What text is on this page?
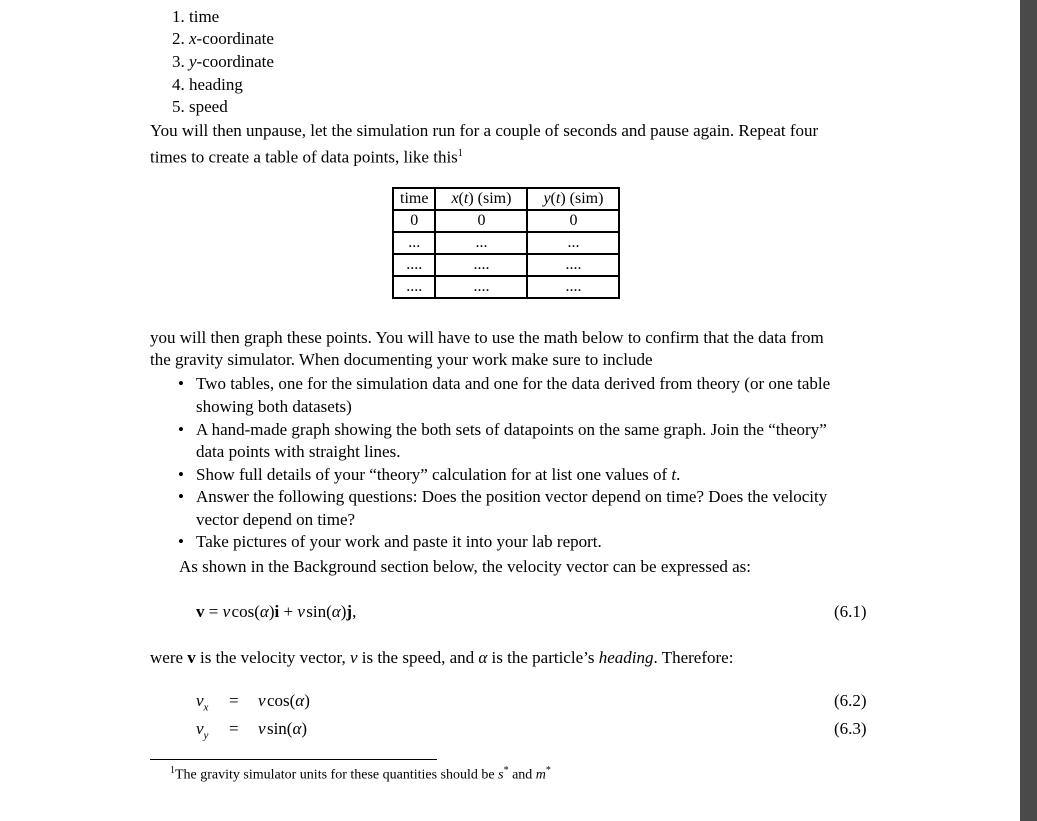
1. time
2. x-coordinate
3. y-coordinate
4. heading
5. speed
You will then unpause, let the simulation run for a couple of seconds and pause again. Repeat four
times to create a table of data points, like this$^1$
time	x(t) (sim)	y(t) (sim)
0	0	0
...	...	...
....	....	....
....	....	....
you will then graph these points. You will have to use the math below to confirm that the data from
the gravity simulator. When documenting your work make sure to include
• Two tables, one for the simulation data and one for the data derived from theory (or one table
showing both datasets)
• A hand-made graph showing the both sets of datapoints on the same graph. Join the “theory”
data points with straight lines.
• Show full details of your “theory” calculation for at list one values of t.
• Answer the following questions: Does the position vector depend on time? Does the velocity
vector depend on time?
• Take pictures of your work and paste it into your lab report.
As shown in the Background section below, the velocity vector can be expressed as:
v = v cos(α)i + v sin(α)j,	(6.1)
were v is the velocity vector, v is the speed, and α is the particle’s heading. Therefore:
$v_x = v$ cos(α)	(6.2)
$v_y = v$ sin(α)	(6.3)
$^1$The gravity simulator units for these quantities should be s* and m*
